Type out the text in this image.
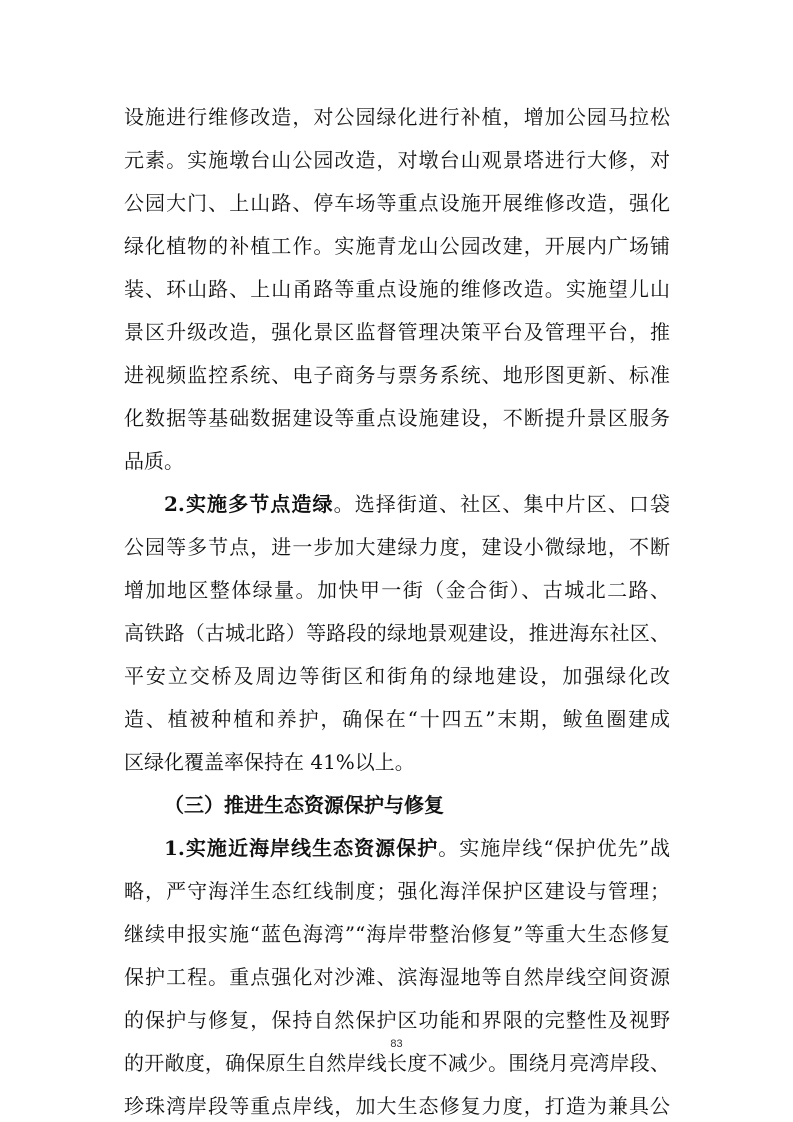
设施进行维修改造，对公园绿化进行补植，增加公园马拉松
元素。实施墩台山公园改造，对墩台山观景塔进行大修，对
公园大门、上山路、停车场等重点设施开展维修改造，强化
绿化植物的补植工作。实施青龙山公园改建，开展内广场铺
装、环山路、上山甬路等重点设施的维修改造。实施望儿山
景区升级改造，强化景区监督管理决策平台及管理平台，推
进视频监控系统、电子商务与票务系统、地形图更新、标准
化数据等基础数据建设等重点设施建设，不断提升景区服务
品质。
2.实施多节点造绿。选择街道、社区、集中片区、口袋
公园等多节点，进一步加大建绿力度，建设小微绿地，不断
增加地区整体绿量。加快甲一街（金合街）、古城北二路、
高铁路（古城北路）等路段的绿地景观建设，推进海东社区、
平安立交桥及周边等街区和街角的绿地建设，加强绿化改
造、植被种植和养护，确保在“十四五”末期，鲅鱼圈建成
区绿化覆盖率保持在 41%以上。
（三）推进生态资源保护与修复
1.实施近海岸线生态资源保护。实施岸线“保护优先”战
略，严守海洋生态红线制度；强化海洋保护区建设与管理；
继续申报实施“蓝色海湾”“海岸带整治修复”等重大生态修复
保护工程。重点强化对沙滩、滨海湿地等自然岸线空间资源
的保护与修复，保持自然保护区功能和界限的完整性及视野
的开敞度，确保原生自然岸线长度不减少。围绕月亮湾岸段、
珍珠湾岸段等重点岸线，加大生态修复力度，打造为兼具公
83
